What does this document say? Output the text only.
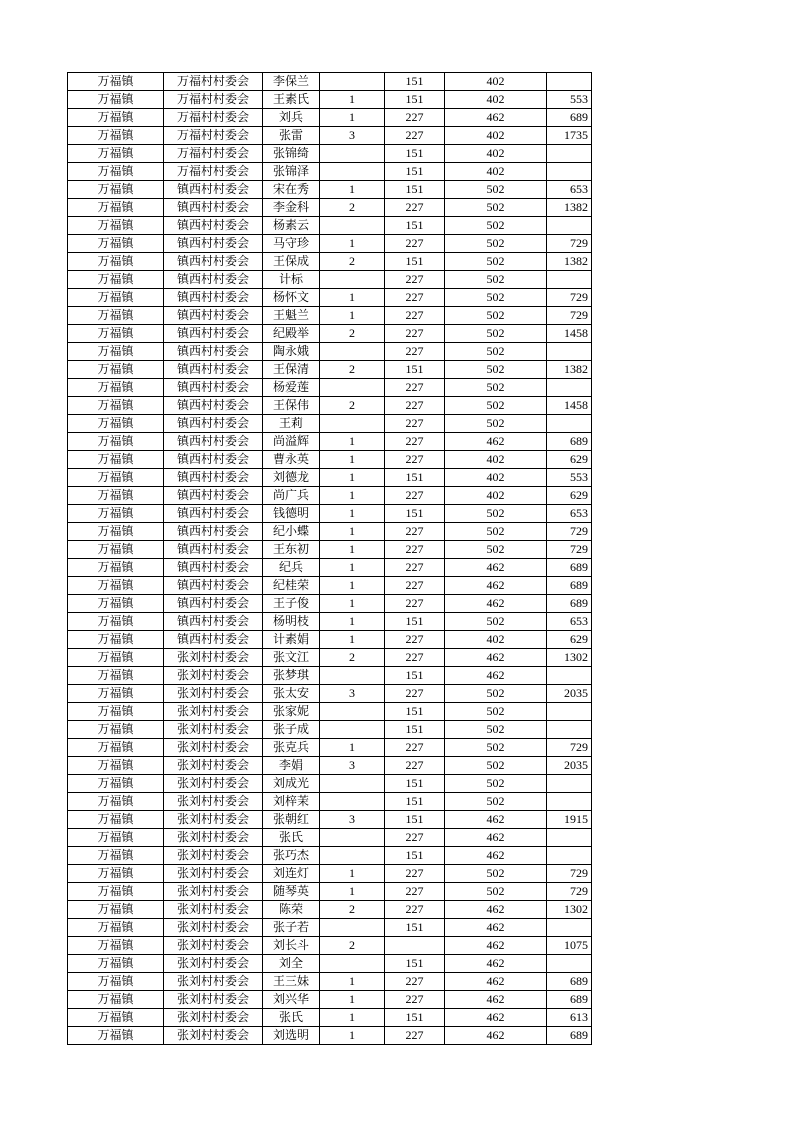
万福镇	万福村村委会	李保兰		151	402	
万福镇	万福村村委会	王素氏	1	151	402	553
万福镇	万福村村委会	刘兵	1	227	462	689
万福镇	万福村村委会	张雷	3	227	402	1735
万福镇	万福村村委会	张锦绮		151	402	
万福镇	万福村村委会	张锦泽		151	402	
万福镇	镇西村村委会	宋在秀	1	151	502	653
万福镇	镇西村村委会	李金科	2	227	502	1382
万福镇	镇西村村委会	杨素云		151	502	
万福镇	镇西村村委会	马守珍	1	227	502	729
万福镇	镇西村村委会	王保成	2	151	502	1382
万福镇	镇西村村委会	计标		227	502	
万福镇	镇西村村委会	杨怀文	1	227	502	729
万福镇	镇西村村委会	王魁兰	1	227	502	729
万福镇	镇西村村委会	纪殿举	2	227	502	1458
万福镇	镇西村村委会	陶永娥		227	502	
万福镇	镇西村村委会	王保清	2	151	502	1382
万福镇	镇西村村委会	杨爱莲		227	502	
万福镇	镇西村村委会	王保伟	2	227	502	1458
万福镇	镇西村村委会	王莉		227	502	
万福镇	镇西村村委会	尚溢辉	1	227	462	689
万福镇	镇西村村委会	曹永英	1	227	402	629
万福镇	镇西村村委会	刘德龙	1	151	402	553
万福镇	镇西村村委会	尚广兵	1	227	402	629
万福镇	镇西村村委会	钱德明	1	151	502	653
万福镇	镇西村村委会	纪小蝶	1	227	502	729
万福镇	镇西村村委会	王东初	1	227	502	729
万福镇	镇西村村委会	纪兵	1	227	462	689
万福镇	镇西村村委会	纪桂荣	1	227	462	689
万福镇	镇西村村委会	王子俊	1	227	462	689
万福镇	镇西村村委会	杨明枝	1	151	502	653
万福镇	镇西村村委会	计素娟	1	227	402	629
万福镇	张刘村村委会	张文江	2	227	462	1302
万福镇	张刘村村委会	张梦琪		151	462	
万福镇	张刘村村委会	张太安	3	227	502	2035
万福镇	张刘村村委会	张家妮		151	502	
万福镇	张刘村村委会	张子成		151	502	
万福镇	张刘村村委会	张克兵	1	227	502	729
万福镇	张刘村村委会	李娟	3	227	502	2035
万福镇	张刘村村委会	刘成光		151	502	
万福镇	张刘村村委会	刘梓茉		151	502	
万福镇	张刘村村委会	张朝红	3	151	462	1915
万福镇	张刘村村委会	张氏		227	462	
万福镇	张刘村村委会	张巧杰		151	462	
万福镇	张刘村村委会	刘连灯	1	227	502	729
万福镇	张刘村村委会	随琴英	1	227	502	729
万福镇	张刘村村委会	陈荣	2	227	462	1302
万福镇	张刘村村委会	张子若		151	462	
万福镇	张刘村村委会	刘长斗	2		462	1075
万福镇	张刘村村委会	刘全		151	462	
万福镇	张刘村村委会	王三妹	1	227	462	689
万福镇	张刘村村委会	刘兴华	1	227	462	689
万福镇	张刘村村委会	张氏	1	151	462	613
万福镇	张刘村村委会	刘选明	1	227	462	689
